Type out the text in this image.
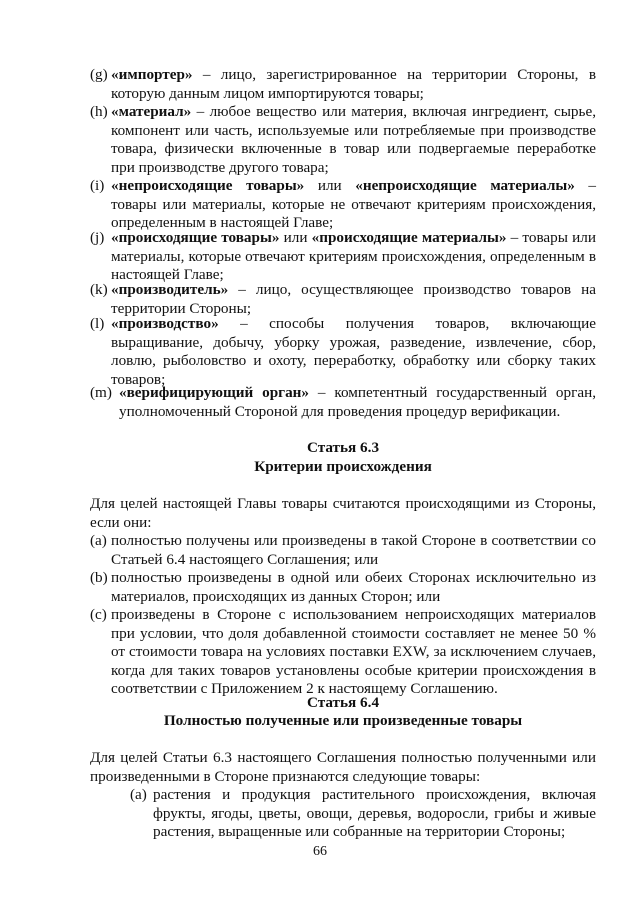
(g) «импортер» – лицо, зарегистрированное на территории Стороны, в которую данным лицом импортируются товары;
(h) «материал» – любое вещество или материя, включая ингредиент, сырье, компонент или часть, используемые или потребляемые при производстве товара, физически включенные в товар или подвергаемые переработке при производстве другого товара;
(i) «непроисходящие товары» или «непроисходящие материалы» – товары или материалы, которые не отвечают критериям происхождения, определенным в настоящей Главе;
(j) «происходящие товары» или «происходящие материалы» – товары или материалы, которые отвечают критериям происхождения, определенным в настоящей Главе;
(k) «производитель» – лицо, осуществляющее производство товаров на территории Стороны;
(l) «производство» – способы получения товаров, включающие выращивание, добычу, уборку урожая, разведение, извлечение, сбор, ловлю, рыболовство и охоту, переработку, обработку или сборку таких товаров;
(m) «верифицирующий орган» – компетентный государственный орган, уполномоченный Стороной для проведения процедур верификации.
Статья 6.3
Критерии происхождения
Для целей настоящей Главы товары считаются происходящими из Стороны, если они:
(a) полностью получены или произведены в такой Стороне в соответствии со Статьей 6.4 настоящего Соглашения; или
(b) полностью произведены в одной или обеих Сторонах исключительно из материалов, происходящих из данных Сторон; или
(c) произведены в Стороне с использованием непроисходящих материалов при условии, что доля добавленной стоимости составляет не менее 50 % от стоимости товара на условиях поставки EXW, за исключением случаев, когда для таких товаров установлены особые критерии происхождения в соответствии с Приложением 2 к настоящему Соглашению.
Статья 6.4
Полностью полученные или произведенные товары
Для целей Статьи 6.3 настоящего Соглашения полностью полученными или произведенными в Стороне признаются следующие товары:
(a) растения и продукция растительного происхождения, включая фрукты, ягоды, цветы, овощи, деревья, водоросли, грибы и живые растения, выращенные или собранные на территории Стороны;
66
